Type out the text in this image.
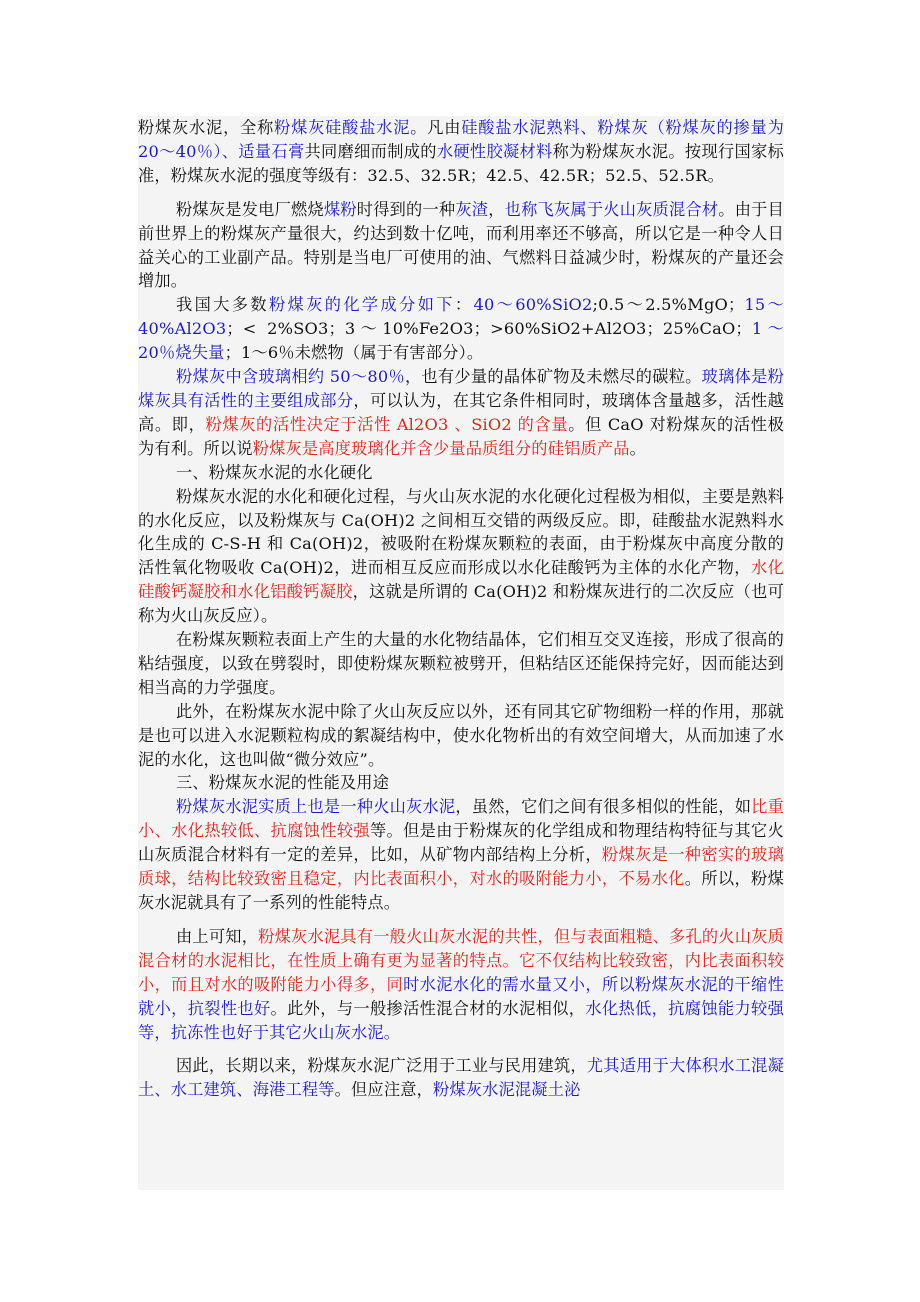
粉煤灰水泥，全称粉煤灰硅酸盐水泥。凡由硅酸盐水泥熟料、粉煤灰（粉煤灰的掺量为 20～40％）、适量石膏共同磨细而制成的水硬性胶凝材料称为粉煤灰水泥。按现行国家标准，粉煤灰水泥的强度等级有：32.5、32.5R；42.5、42.5R；52.5、52.5R。

粉煤灰是发电厂燃烧煤粉时得到的一种灰渣，也称飞灰属于火山灰质混合材。由于目前世界上的粉煤灰产量很大，约达到数十亿吨，而利用率还不够高，所以它是一种令人日益关心的工业副产品。特别是当电厂可使用的油、气燃料日益减少时，粉煤灰的产量还会增加。

我国大多数粉煤灰的化学成分如下：40～60%SiO2;0.5～2.5%MgO；15～40%Al2O3；< 2%SO3；3～10%Fe2O3；>60%SiO2+Al2O3；25%CaO；1～20％烧失量；1～6％未燃物（属于有害部分）。

粉煤灰中含玻璃相约 50～80％，也有少量的晶体矿物及未燃尽的碳粒。玻璃体是粉煤灰具有活性的主要组成部分，可以认为，在其它条件相同时，玻璃体含量越多，活性越高。即，粉煤灰的活性决定于活性 Al2O3 、SiO2 的含量。但 CaO 对粉煤灰的活性极为有利。所以说粉煤灰是高度玻璃化并含少量品质组分的硅铝质产品。

一、粉煤灰水泥的水化硬化

粉煤灰水泥的水化和硬化过程，与火山灰水泥的水化硬化过程极为相似，主要是熟料的水化反应，以及粉煤灰与 Ca(OH)2 之间相互交错的两级反应。即，硅酸盐水泥熟料水化生成的 C-S-H 和 Ca(OH)2，被吸附在粉煤灰颗粒的表面，由于粉煤灰中高度分散的活性氧化物吸收 Ca(OH)2，进而相互反应而形成以水化硅酸钙为主体的水化产物，水化硅酸钙凝胶和水化铝酸钙凝胶，这就是所谓的 Ca(OH)2 和粉煤灰进行的二次反应（也可称为火山灰反应）。

在粉煤灰颗粒表面上产生的大量的水化物结晶体，它们相互交叉连接，形成了很高的粘结强度，以致在劈裂时，即使粉煤灰颗粒被劈开，但粘结区还能保持完好，因而能达到相当高的力学强度。

此外，在粉煤灰水泥中除了火山灰反应以外，还有同其它矿物细粉一样的作用，那就是也可以进入水泥颗粒构成的絮凝结构中，使水化物析出的有效空间增大，从而加速了水泥的水化，这也叫做“微分效应”。

三、粉煤灰水泥的性能及用途

粉煤灰水泥实质上也是一种火山灰水泥，虽然，它们之间有很多相似的性能，如比重小、水化热较低、抗腐蚀性较强等。但是由于粉煤灰的化学组成和物理结构特征与其它火山灰质混合材料有一定的差异，比如，从矿物内部结构上分析，粉煤灰是一种密实的玻璃质球，结构比较致密且稳定，内比表面积小，对水的吸附能力小，不易水化。所以，粉煤灰水泥就具有了一系列的性能特点。

由上可知，粉煤灰水泥具有一般火山灰水泥的共性，但与表面粗糙、多孔的火山灰质混合材的水泥相比，在性质上确有更为显著的特点。它不仅结构比较致密，内比表面积较小，而且对水的吸附能力小得多，同时水泥水化的需水量又小，所以粉煤灰水泥的干缩性就小，抗裂性也好。此外，与一般掺活性混合材的水泥相似，水化热低，抗腐蚀能力较强等，抗冻性也好于其它火山灰水泥。

因此，长期以来，粉煤灰水泥广泛用于工业与民用建筑，尤其适用于大体积水工混凝土、水工建筑、海港工程等。但应注意，粉煤灰水泥混凝土泌
